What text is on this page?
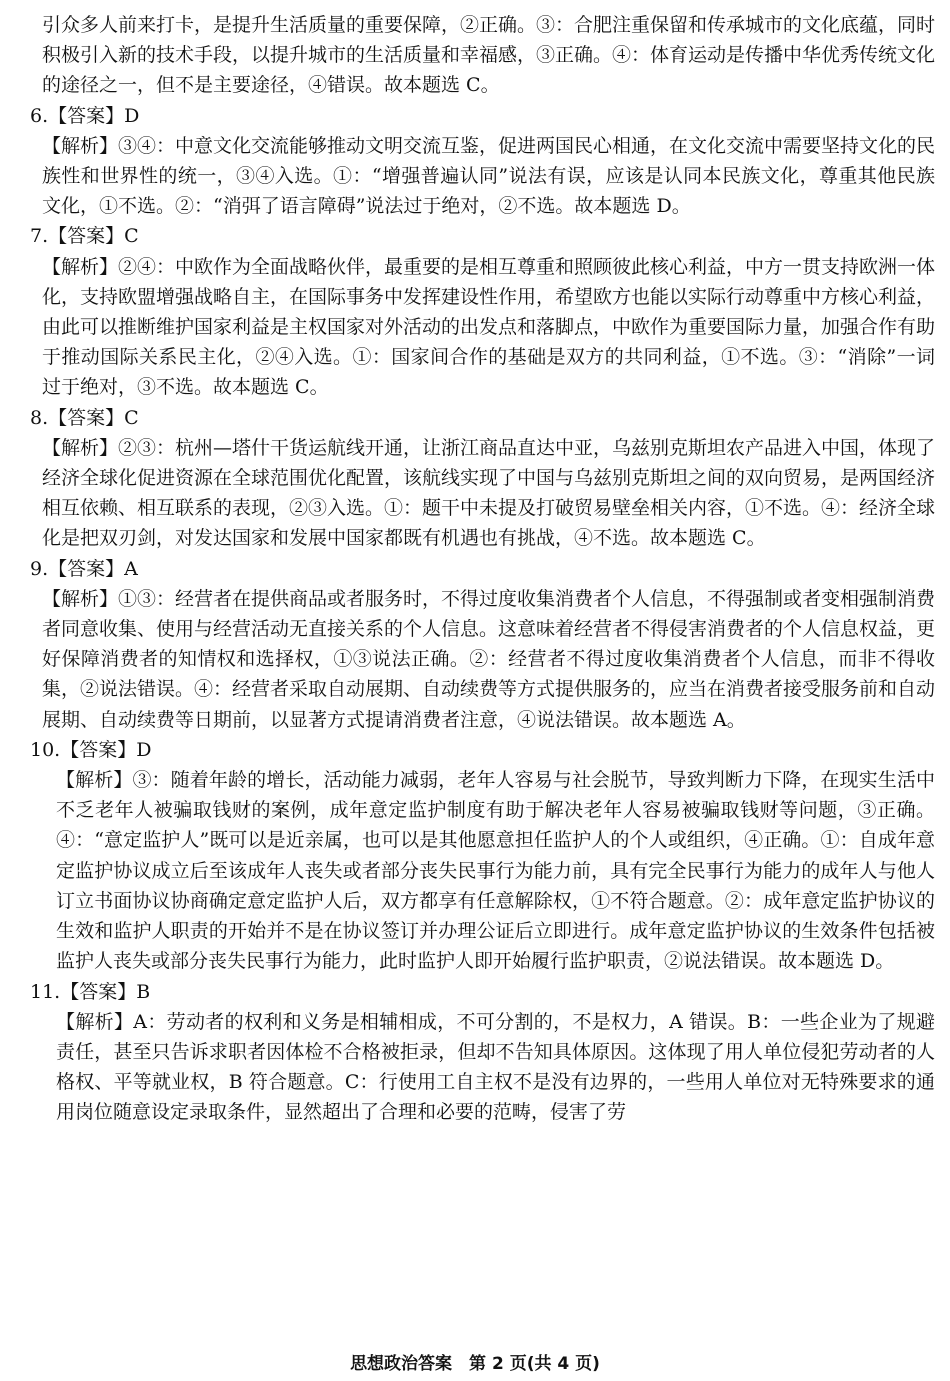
引众多人前来打卡，是提升生活质量的重要保障，②正确。③：合肥注重保留和传承城市的文化底蕴，同时积极引入新的技术手段，以提升城市的生活质量和幸福感，③正确。④：体育运动是传播中华优秀传统文化的途径之一，但不是主要途径，④错误。故本题选 C。

6.【答案】D

【解析】③④：中意文化交流能够推动文明交流互鉴，促进两国民心相通，在文化交流中需要坚持文化的民族性和世界性的统一，③④入选。①：“增强普遍认同”说法有误，应该是认同本民族文化，尊重其他民族文化，①不选。②：“消弭了语言障碍”说法过于绝对，②不选。故本题选 D。

7.【答案】C

【解析】②④：中欧作为全面战略伙伴，最重要的是相互尊重和照顾彼此核心利益，中方一贯支持欧洲一体化，支持欧盟增强战略自主，在国际事务中发挥建设性作用，希望欧方也能以实际行动尊重中方核心利益，由此可以推断维护国家利益是主权国家对外活动的出发点和落脚点，中欧作为重要国际力量，加强合作有助于推动国际关系民主化，②④入选。①：国家间合作的基础是双方的共同利益，①不选。③：“消除”一词过于绝对，③不选。故本题选 C。

8.【答案】C

【解析】②③：杭州—塔什干货运航线开通，让浙江商品直达中亚，乌兹别克斯坦农产品进入中国，体现了经济全球化促进资源在全球范围优化配置，该航线实现了中国与乌兹别克斯坦之间的双向贸易，是两国经济相互依赖、相互联系的表现，②③入选。①：题干中未提及打破贸易壁垒相关内容，①不选。④：经济全球化是把双刃剑，对发达国家和发展中国家都既有机遇也有挑战，④不选。故本题选 C。

9.【答案】A

【解析】①③：经营者在提供商品或者服务时，不得过度收集消费者个人信息，不得强制或者变相强制消费者同意收集、使用与经营活动无直接关系的个人信息。这意味着经营者不得侵害消费者的个人信息权益，更好保障消费者的知情权和选择权，①③说法正确。②：经营者不得过度收集消费者个人信息，而非不得收集，②说法错误。④：经营者采取自动展期、自动续费等方式提供服务的，应当在消费者接受服务前和自动展期、自动续费等日期前，以显著方式提请消费者注意，④说法错误。故本题选 A。

10.【答案】D

【解析】③：随着年龄的增长，活动能力减弱，老年人容易与社会脱节，导致判断力下降，在现实生活中不乏老年人被骗取钱财的案例，成年意定监护制度有助于解决老年人容易被骗取钱财等问题，③正确。④：“意定监护人”既可以是近亲属，也可以是其他愿意担任监护人的个人或组织，④正确。①：自成年意定监护协议成立后至该成年人丧失或者部分丧失民事行为能力前，具有完全民事行为能力的成年人与他人订立书面协议协商确定意定监护人后，双方都享有任意解除权，①不符合题意。②：成年意定监护协议的生效和监护人职责的开始并不是在协议签订并办理公证后立即进行。成年意定监护协议的生效条件包括被监护人丧失或部分丧失民事行为能力，此时监护人即开始履行监护职责，②说法错误。故本题选 D。

11.【答案】B

【解析】A：劳动者的权利和义务是相辅相成，不可分割的，不是权力，A 错误。B：一些企业为了规避责任，甚至只告诉求职者因体检不合格被拒录，但却不告知具体原因。这体现了用人单位侵犯劳动者的人格权、平等就业权，B 符合题意。C：行使用工自主权不是没有边界的，一些用人单位对无特殊要求的通用岗位随意设定录取条件，显然超出了合理和必要的范畴，侵害了劳

思想政治答案　第 2 页(共 4 页)
